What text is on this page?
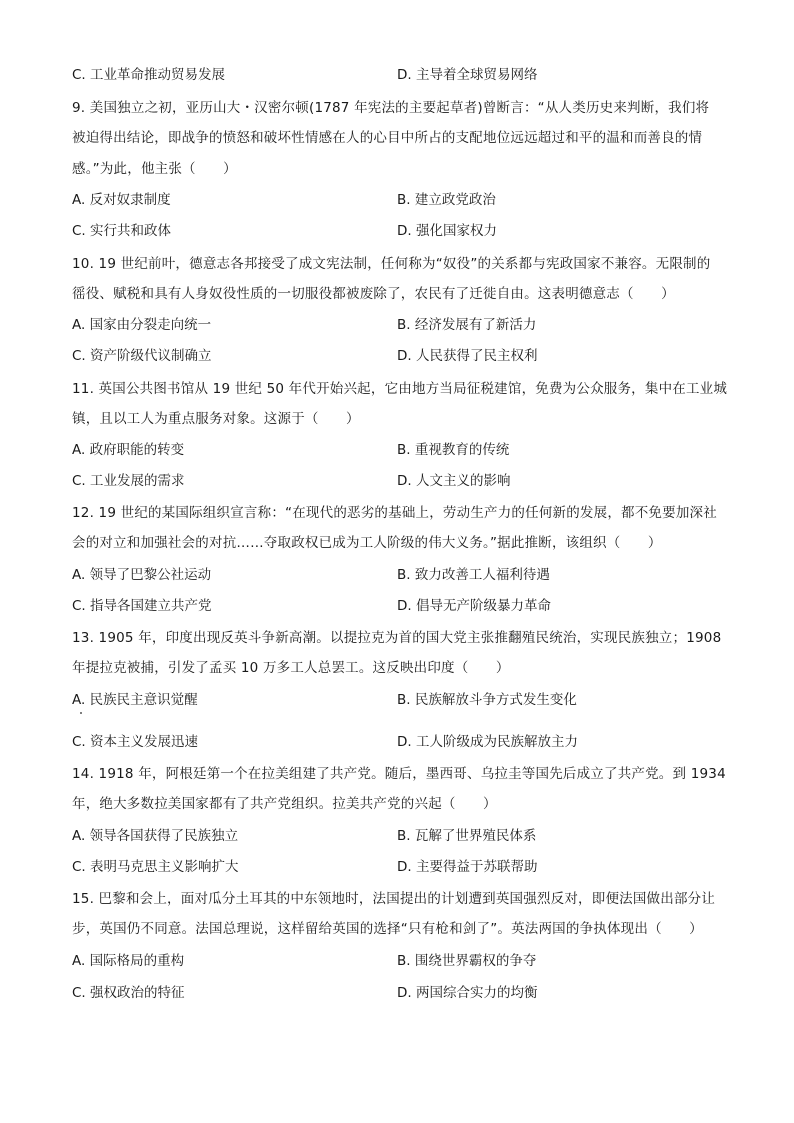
C. 工业革命推动贸易发展	D. 主导着全球贸易网络
9. 美国独立之初，亚历山大・汉密尔顿(1787 年宪法的主要起草者)曾断言：“从人类历史来判断，我们将
被迫得出结论，即战争的愤怒和破坏性情感在人的心目中所占的支配地位远远超过和平的温和而善良的情
感。”为此，他主张（　　）
A. 反对奴隶制度	B. 建立政党政治
C. 实行共和政体	D. 强化国家权力
10. 19 世纪前叶，德意志各邦接受了成文宪法制，任何称为“奴役”的关系都与宪政国家不兼容。无限制的
徭役、赋税和具有人身奴役性质的一切服役都被废除了，农民有了迁徙自由。这表明德意志（　　）
A. 国家由分裂走向统一	B. 经济发展有了新活力
C. 资产阶级代议制确立	D. 人民获得了民主权利
11. 英国公共图书馆从 19 世纪 50 年代开始兴起，它由地方当局征税建馆，免费为公众服务，集中在工业城
镇，且以工人为重点服务对象。这源于（　　）
A. 政府职能的转变	B. 重视教育的传统
C. 工业发展的需求	D. 人文主义的影响
12. 19 世纪的某国际组织宣言称：“在现代的恶劣的基础上，劳动生产力的任何新的发展，都不免要加深社
会的对立和加强社会的对抗……夺取政权已成为工人阶级的伟大义务。”据此推断，该组织（　　）
A. 领导了巴黎公社运动	B. 致力改善工人福利待遇
C. 指导各国建立共产党	D. 倡导无产阶级暴力革命
13. 1905 年，印度出现反英斗争新高潮。以提拉克为首的国大党主张推翻殖民统治，实现民族独立；1908
年提拉克被捕，引发了孟买 10 万多工人总罢工。这反映出印度（　　）
A. 民族民主意识觉醒	B. 民族解放斗争方式发生变化
C. 资本主义发展迅速	D. 工人阶级成为民族解放主力
14. 1918 年，阿根廷第一个在拉美组建了共产党。随后，墨西哥、乌拉圭等国先后成立了共产党。到 1934
年，绝大多数拉美国家都有了共产党组织。拉美共产党的兴起（　　）
A. 领导各国获得了民族独立	B. 瓦解了世界殖民体系
C. 表明马克思主义影响扩大	D. 主要得益于苏联帮助
15. 巴黎和会上，面对瓜分土耳其的中东领地时，法国提出的计划遭到英国强烈反对，即便法国做出部分让
步，英国仍不同意。法国总理说，这样留给英国的选择“只有枪和剑了”。英法两国的争执体现出（　　）
A. 国际格局的重构	B. 围绕世界霸权的争夺
C. 强权政治的特征	D. 两国综合实力的均衡
